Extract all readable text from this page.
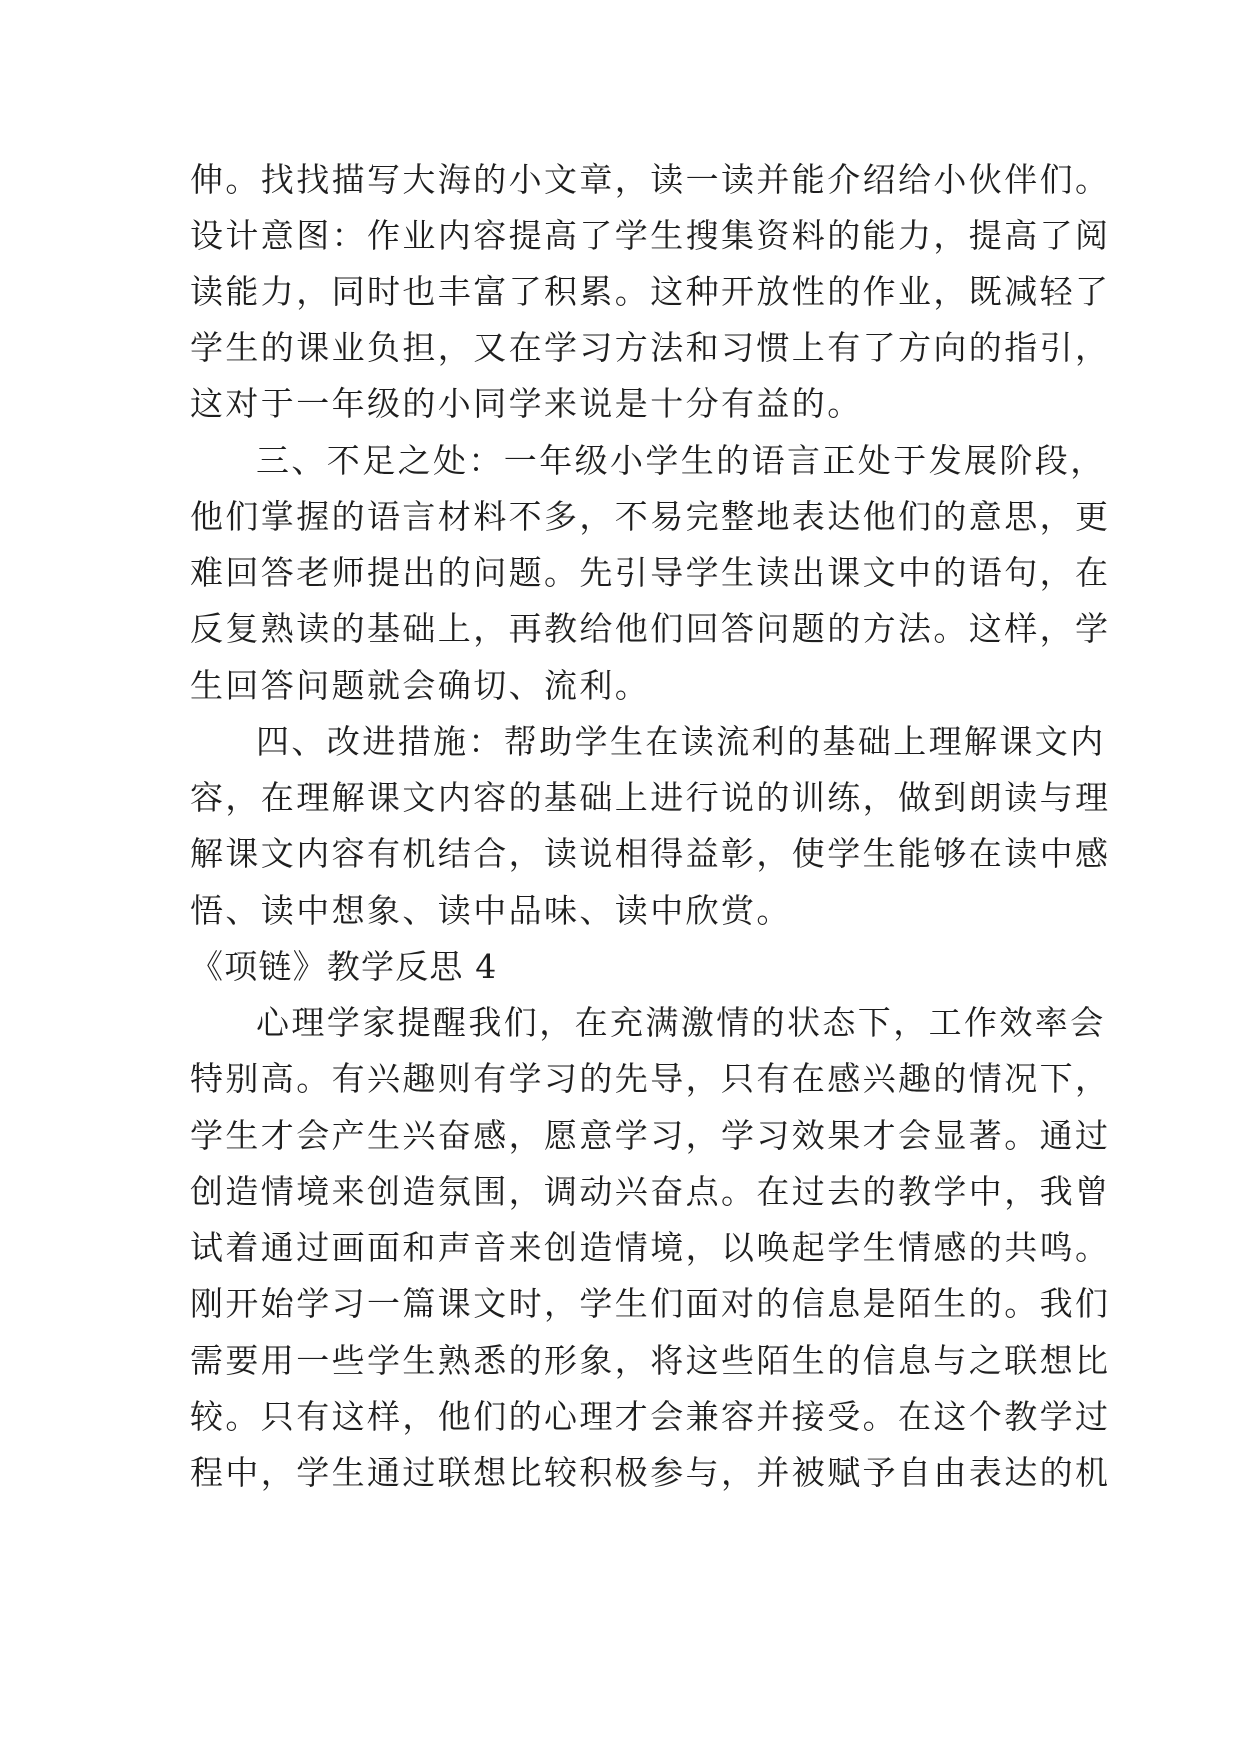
伸。找找描写大海的小文章，读一读并能介绍给小伙伴们。
设计意图：作业内容提高了学生搜集资料的能力，提高了阅
读能力，同时也丰富了积累。这种开放性的作业，既减轻了
学生的课业负担，又在学习方法和习惯上有了方向的指引，
这对于一年级的小同学来说是十分有益的。
三、不足之处：一年级小学生的语言正处于发展阶段，
他们掌握的语言材料不多，不易完整地表达他们的意思，更
难回答老师提出的问题。先引导学生读出课文中的语句，在
反复熟读的基础上，再教给他们回答问题的方法。这样，学
生回答问题就会确切、流利。
四、改进措施：帮助学生在读流利的基础上理解课文内
容，在理解课文内容的基础上进行说的训练，做到朗读与理
解课文内容有机结合，读说相得益彰，使学生能够在读中感
悟、读中想象、读中品味、读中欣赏。
《项链》教学反思 4
心理学家提醒我们，在充满激情的状态下，工作效率会
特别高。有兴趣则有学习的先导，只有在感兴趣的情况下，
学生才会产生兴奋感，愿意学习，学习效果才会显著。通过
创造情境来创造氛围，调动兴奋点。在过去的教学中，我曾
试着通过画面和声音来创造情境，以唤起学生情感的共鸣。
刚开始学习一篇课文时，学生们面对的信息是陌生的。我们
需要用一些学生熟悉的形象，将这些陌生的信息与之联想比
较。只有这样，他们的心理才会兼容并接受。在这个教学过
程中，学生通过联想比较积极参与，并被赋予自由表达的机
